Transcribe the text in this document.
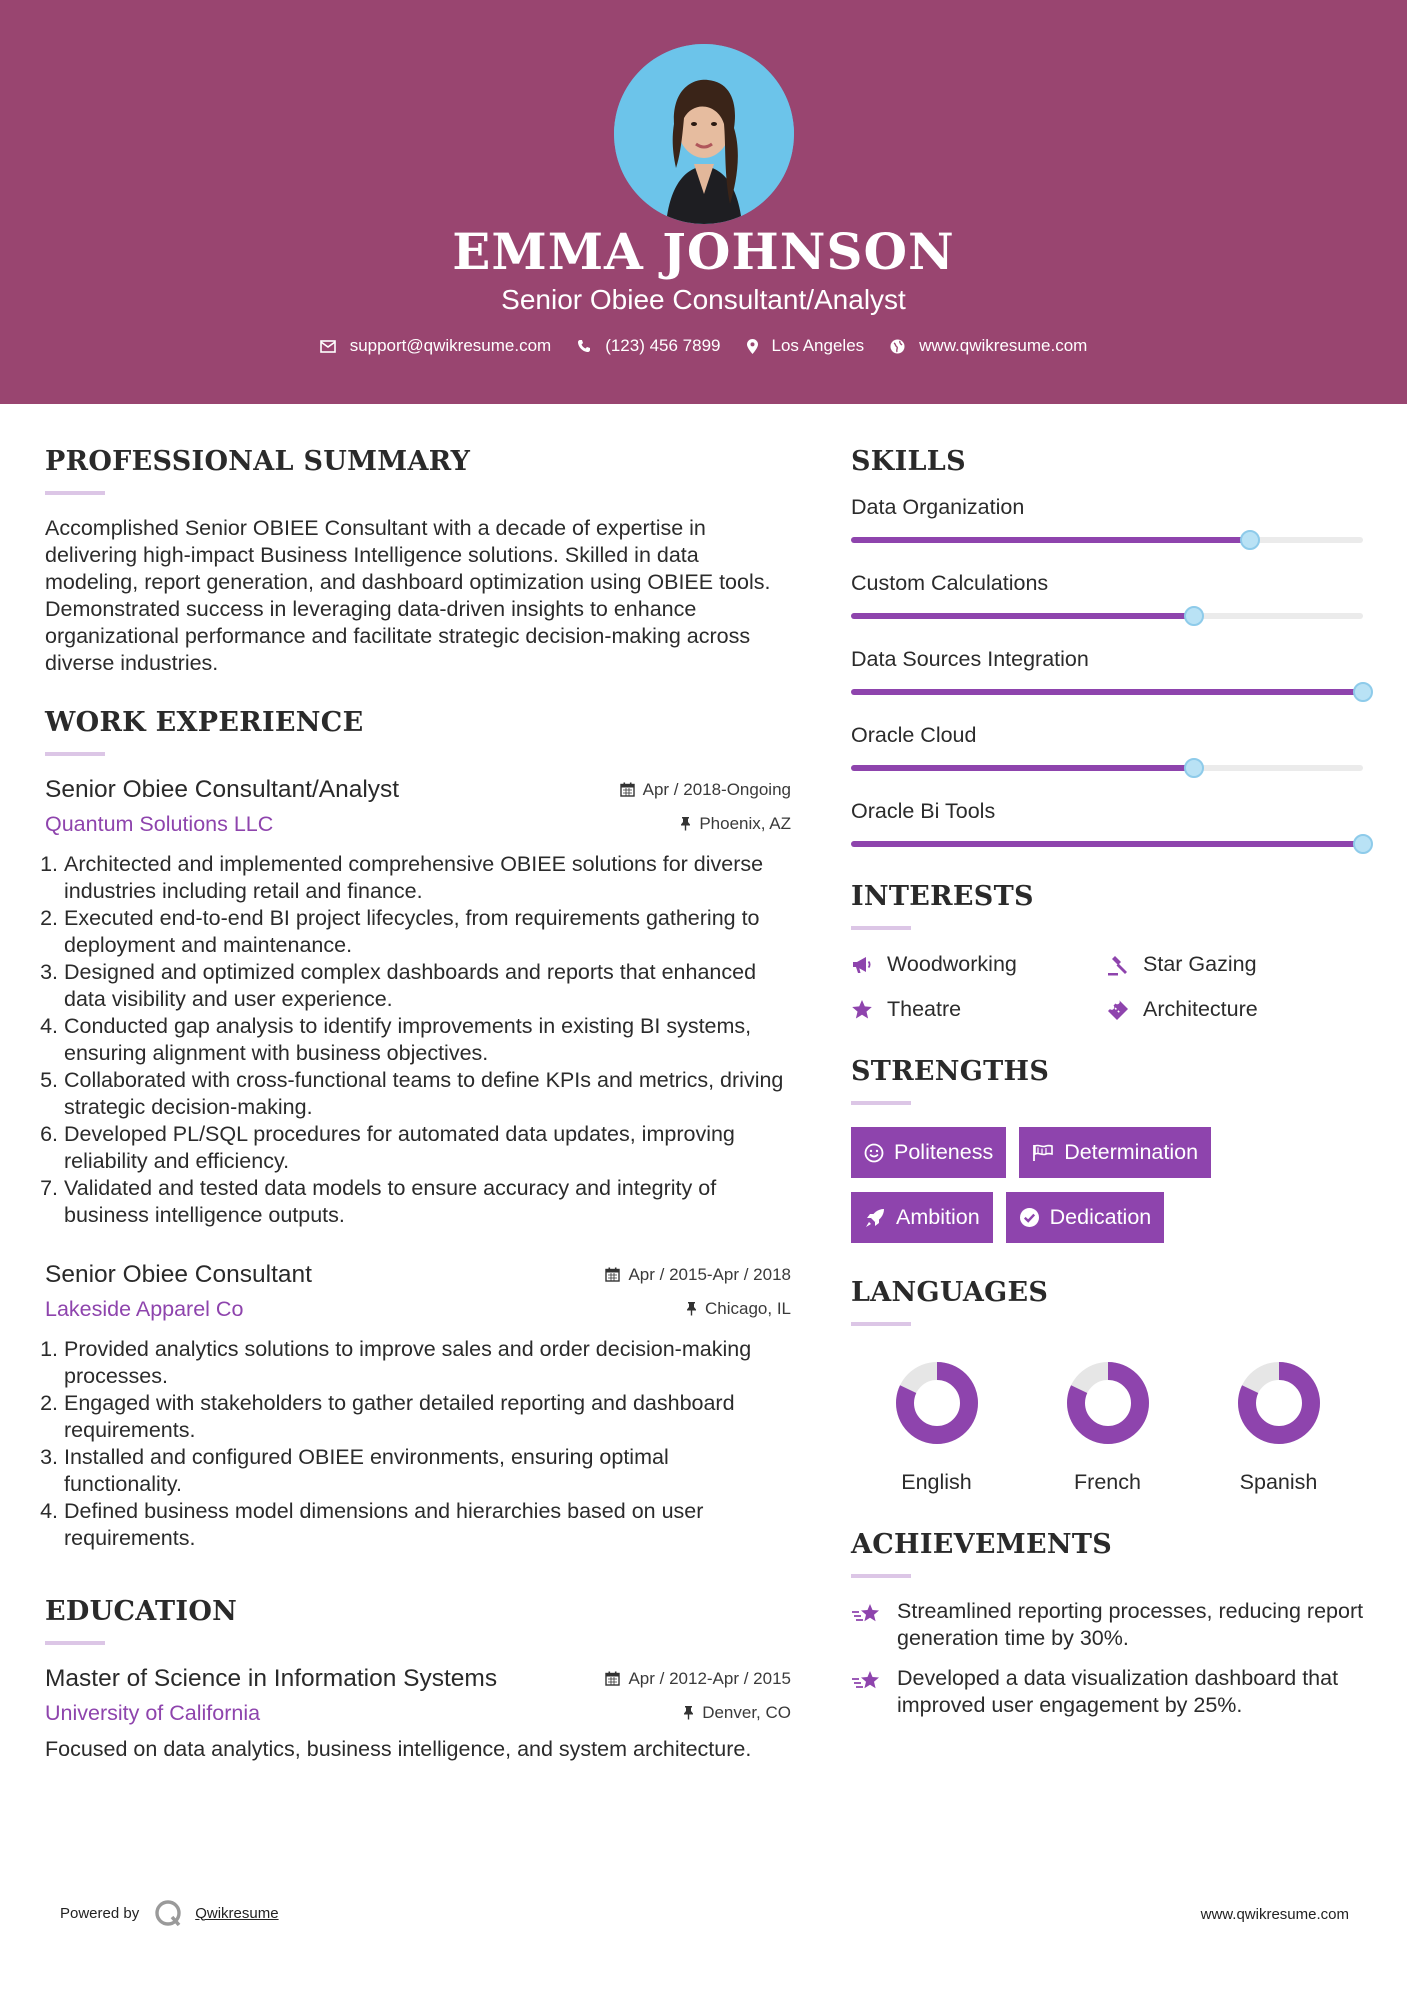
EMMA JOHNSON
Senior Obiee Consultant/Analyst
support@qwikresume.com	(123) 456 7899	Los Angeles	www.qwikresume.com
PROFESSIONAL SUMMARY
Accomplished Senior OBIEE Consultant with a decade of expertise in delivering high-impact Business Intelligence solutions. Skilled in data modeling, report generation, and dashboard optimization using OBIEE tools. Demonstrated success in leveraging data-driven insights to enhance organizational performance and facilitate strategic decision-making across diverse industries.
WORK EXPERIENCE
Senior Obiee Consultant/Analyst	Apr / 2018-Ongoing
Quantum Solutions LLC	Phoenix, AZ
1. Architected and implemented comprehensive OBIEE solutions for diverse industries including retail and finance.
2. Executed end-to-end BI project lifecycles, from requirements gathering to deployment and maintenance.
3. Designed and optimized complex dashboards and reports that enhanced data visibility and user experience.
4. Conducted gap analysis to identify improvements in existing BI systems, ensuring alignment with business objectives.
5. Collaborated with cross-functional teams to define KPIs and metrics, driving strategic decision-making.
6. Developed PL/SQL procedures for automated data updates, improving reliability and efficiency.
7. Validated and tested data models to ensure accuracy and integrity of business intelligence outputs.
Senior Obiee Consultant	Apr / 2015-Apr / 2018
Lakeside Apparel Co	Chicago, IL
1. Provided analytics solutions to improve sales and order decision-making processes.
2. Engaged with stakeholders to gather detailed reporting and dashboard requirements.
3. Installed and configured OBIEE environments, ensuring optimal functionality.
4. Defined business model dimensions and hierarchies based on user requirements.
EDUCATION
Master of Science in Information Systems	Apr / 2012-Apr / 2015
University of California	Denver, CO
Focused on data analytics, business intelligence, and system architecture.
SKILLS
Data Organization
Custom Calculations
Data Sources Integration
Oracle Cloud
Oracle Bi Tools
INTERESTS
Woodworking	Star Gazing
Theatre	Architecture
STRENGTHS
Politeness	Determination
Ambition	Dedication
LANGUAGES
English	French	Spanish
ACHIEVEMENTS
Streamlined reporting processes, reducing report generation time by 30%.
Developed a data visualization dashboard that improved user engagement by 25%.
Powered by	Qwikresume	www.qwikresume.com
